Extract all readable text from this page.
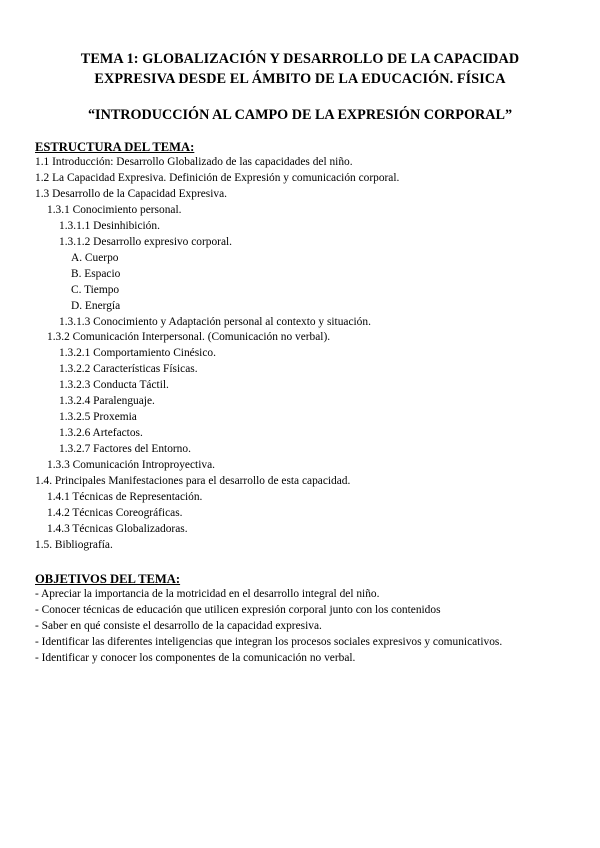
TEMA 1: GLOBALIZACIÓN Y DESARROLLO DE LA CAPACIDAD
EXPRESIVA DESDE EL ÁMBITO DE LA EDUCACIÓN. FÍSICA
“INTRODUCCIÓN AL CAMPO DE LA EXPRESIÓN CORPORAL”
ESTRUCTURA DEL TEMA:
1.1 Introducción: Desarrollo Globalizado de las capacidades del niño.
1.2 La Capacidad Expresiva. Definición de Expresión y comunicación corporal.
1.3 Desarrollo de la Capacidad Expresiva.
1.3.1 Conocimiento personal.
1.3.1.1 Desinhibición.
1.3.1.2 Desarrollo expresivo corporal.
A. Cuerpo
B. Espacio
C. Tiempo
D. Energía
1.3.1.3 Conocimiento y Adaptación personal al contexto y situación.
1.3.2 Comunicación Interpersonal. (Comunicación no verbal).
1.3.2.1 Comportamiento Cinésico.
1.3.2.2 Características Físicas.
1.3.2.3 Conducta Táctil.
1.3.2.4 Paralenguaje.
1.3.2.5 Proxemia
1.3.2.6 Artefactos.
1.3.2.7 Factores del Entorno.
1.3.3 Comunicación Introproyectiva.
1.4. Principales Manifestaciones para el desarrollo de esta capacidad.
1.4.1 Técnicas de Representación.
1.4.2 Técnicas Coreográficas.
1.4.3 Técnicas Globalizadoras.
1.5. Bibliografía.
OBJETIVOS DEL TEMA:
- Apreciar la importancia de la motricidad en el desarrollo integral del niño.
- Conocer técnicas de educación que utilicen expresión corporal junto con los contenidos
- Saber en qué consiste el desarrollo de la capacidad expresiva.
- Identificar las diferentes inteligencias que integran los procesos sociales expresivos y comunicativos.
- Identificar y conocer los componentes de la comunicación no verbal.
